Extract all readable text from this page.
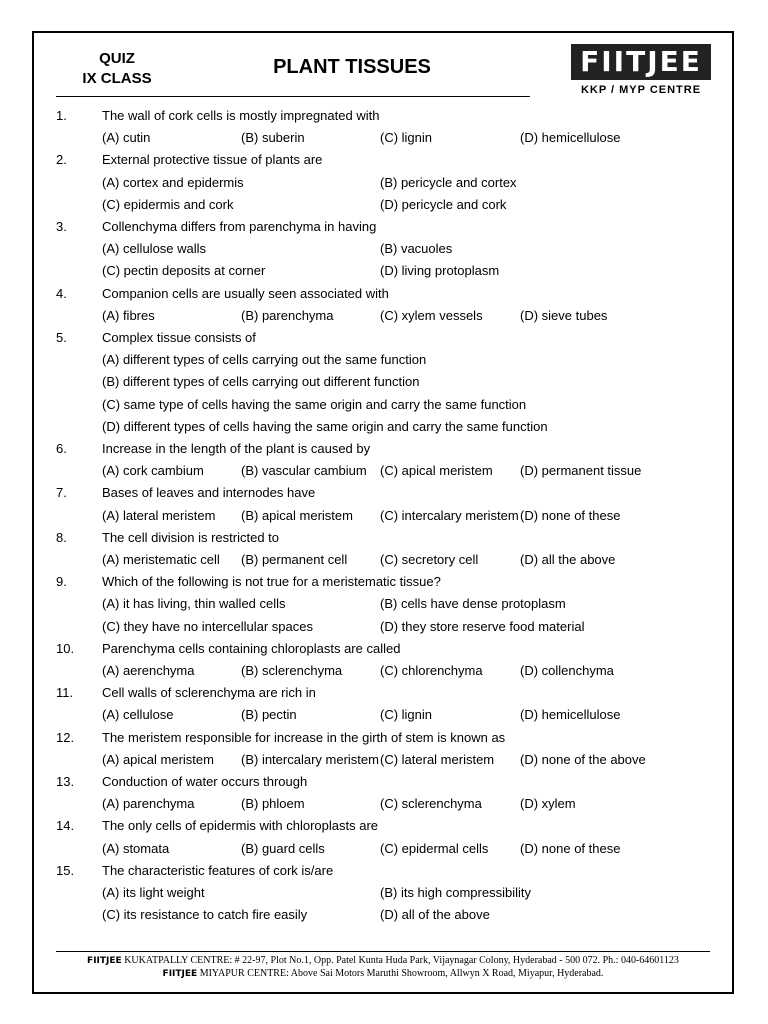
QUIZ
IX CLASS
PLANT TISSUES	FIITJEE
KKP / MYP CENTRE
1.	The wall of cork cells is mostly impregnated with
(A) cutin	(B) suberin	(C) lignin	(D) hemicellulose
2.	External protective tissue of plants are
(A) cortex and epidermis	(B) pericycle and cortex
(C) epidermis and cork	(D) pericycle and cork
3.	Collenchyma differs from parenchyma in having
(A) cellulose walls	(B) vacuoles
(C) pectin deposits at corner	(D) living protoplasm
4.	Companion cells are usually seen associated with
(A) fibres	(B) parenchyma	(C) xylem vessels	(D) sieve tubes
5.	Complex tissue consists of
(A) different types of cells carrying out the same function
(B) different types of cells carrying out different function
(C) same type of cells having the same origin and carry the same function
(D) different types of cells having the same origin and carry the same function
6.	Increase in the length of the plant is caused by
(A) cork cambium	(B) vascular cambium (C) apical meristem (D) permanent tissue
7.	Bases of leaves and internodes have
(A) lateral meristem (B) apical meristem (C) intercalary meristem (D) none of these
8.	The cell division is restricted to
(A) meristematic cell (B) permanent cell	(C) secretory cell	(D) all the above
9.	Which of the following is not true for a meristematic tissue?
(A) it has living, thin walled cells	(B) cells have dense protoplasm
(C) they have no intercellular spaces	(D) they store reserve food material
10. Parenchyma cells containing chloroplasts are called
(A) aerenchyma	(B) sclerenchyma	(C) chlorenchyma	(D) collenchyma
11. Cell walls of sclerenchyma are rich in
(A) cellulose	(B) pectin	(C) lignin	(D) hemicellulose
12. The meristem responsible for increase in the girth of stem is known as
(A) apical meristem (B) intercalary meristem (C) lateral meristem (D) none of the above
13. Conduction of water occurs through
(A) parenchyma	(B) phloem	(C) sclerenchyma	(D) xylem
14. The only cells of epidermis with chloroplasts are
(A) stomata	(B) guard cells	(C) epidermal cells (D) none of these
15. The characteristic features of cork is/are
(A) its light weight	(B) its high compressibility
(C) its resistance to catch fire easily	(D) all of the above
FIITJEE KUKATPALLY CENTRE: # 22-97, Plot No.1, Opp. Patel Kunta Huda Park, Vijaynagar Colony, Hyderabad - 500 072. Ph.: 040-64601123
FIITJEE MIYAPUR CENTRE: Above Sai Motors Maruthi Showroom, Allwyn X Road, Miyapur, Hyderabad.
